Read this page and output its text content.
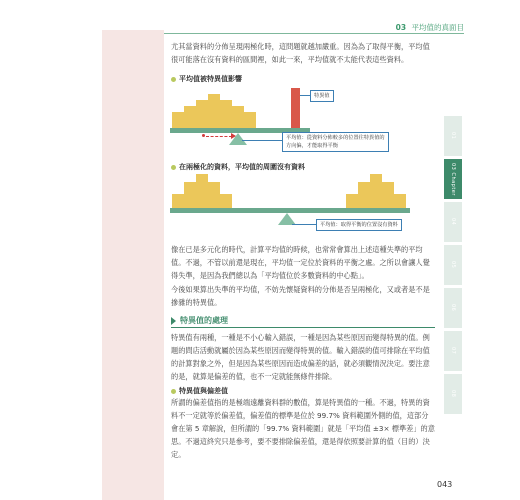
03 平均值的真面目
01
03 Chapter
04
05
06
07
08

尤其當資料的分佈呈現兩極化時，這問題就越加嚴重。因為為了取得平衡，平均值很可能落在沒有資料的區間裡，如此一來，平均值就不太能代表這些資料。

平均值被特異值影響
特異值
平均值：從資料分佈較多的位置往特異值的
方向偏，才能取得平衡
在兩極化的資料，平均值的周圍沒有資料
平均值：取得平衡的位置沒有資料

像在已是多元化的時代，計算平均值的時候，也常常會算出上述這種失準的平均值。不過，不管以前還是現在，平均值一定位於資料的平衡之處。之所以會讓人覺得失準，是因為我們總以為「平均值位於多數資料的中心點」。

今後如果算出失準的平均值，不妨先懷疑資料的分佈是否呈兩極化，又或者是不是摻雜的特異值。

特異值的處理

特異值有兩種，一種是不小心輸入錯誤，一種是因為某些原因而變得特異的值。例題的問店活動就屬於因為某些原因而變得特異的值。輸入錯誤的值可排除在平均值的計算對象之外，但是因為某些原因而造成偏差的話，就必須觀情況決定。要注意的是，就算是偏差的值，也不一定就能無條件排除。

特異值與偏差值

所謂的偏差值指的是極端遠離資料群的數值，算是特異值的一種。不過，特異的資料不一定就等於偏差值，偏差值的標準是位於 99.7% 資料範圍外側的值，這部分會在第 5 章解說，但所謂的「99.7% 資料範圍」就是「平均值 ±3× 標準差」的意思。不過這終究只是參考，要不要排除偏差值，還是得依照要計算的值（目的）決定。

043
